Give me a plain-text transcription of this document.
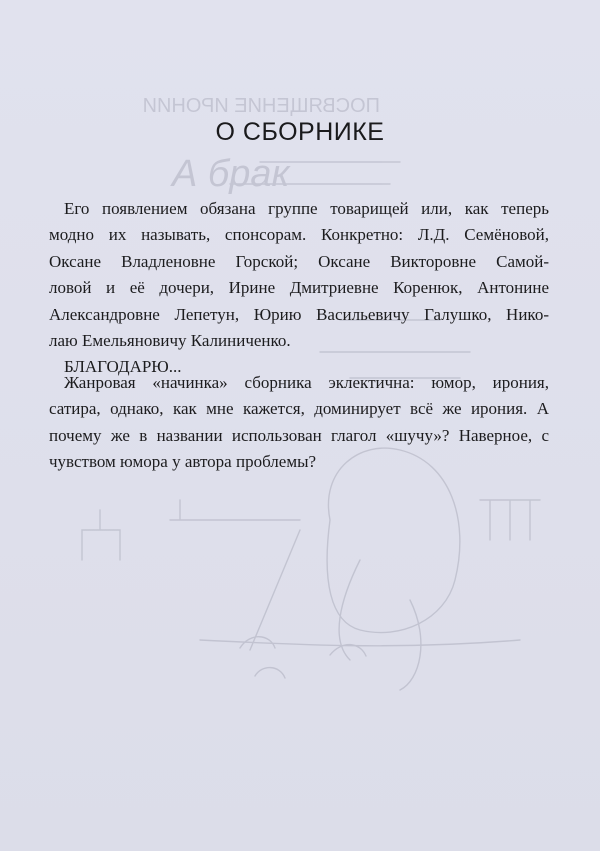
ПОСВЯЩЕНИЕ ИРОНИИ
А брак
О СБОРНИКЕ
Его появлением обязана группе товарищей или, как теперь
модно их называть, спонсорам. Конкретно: Л.Д. Семёновой,
Оксане Владленовне Горской; Оксане Викторовне Самой-
ловой и её дочери, Ирине Дмитриевне Коренюк, Антонине
Александровне Лепетун, Юрию Васильевичу Галушко, Нико-
лаю Емельяновичу Калиниченко.
БЛАГОДАРЮ...
Жанровая «начинка» сборника эклектична: юмор, ирония,
сатира, однако, как мне кажется, доминирует всё же ирония. А
почему же в названии использован глагол «шучу»? Наверное, с
чувством юмора у автора проблемы?
